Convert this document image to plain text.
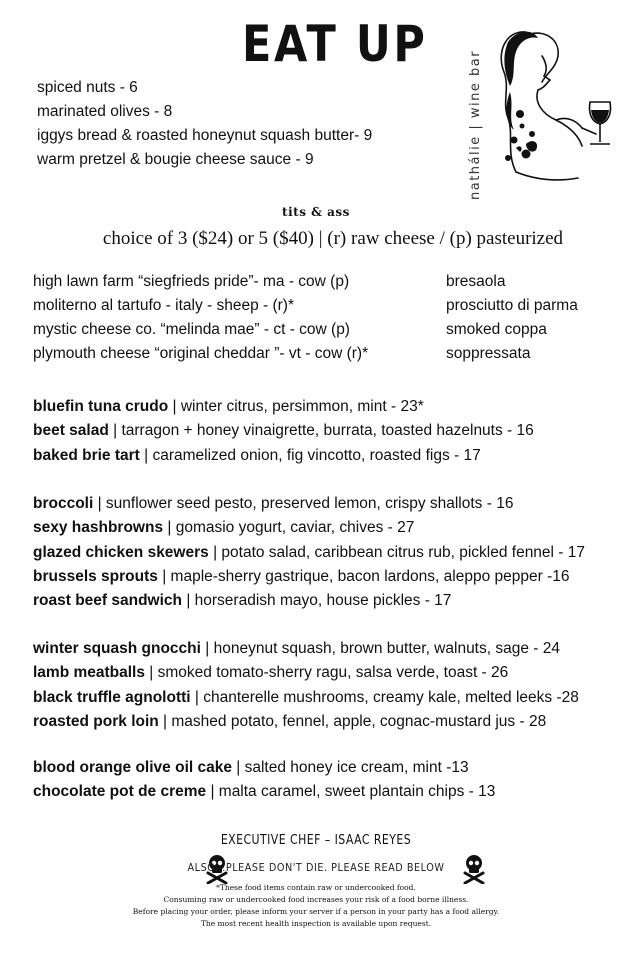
EAT UP
spiced nuts - 6
marinated olives - 8
iggys bread & roasted honeynut squash butter- 9
warm pretzel & bougie cheese sauce - 9	nathálie | wine bar
tits & ass
choice of 3 ($24) or 5 ($40) | (r) raw cheese / (p) pasteurized
high lawn farm “siegfrieds pride”- ma - cow (p)
moliterno al tartufo - italy - sheep - (r)*
mystic cheese co. “melinda mae” - ct - cow (p)
plymouth cheese “original cheddar ”- vt - cow (r)*
bresaola
prosciutto di parma
smoked coppa
soppressata
bluefin tuna crudo | winter citrus, persimmon, mint - 23*
beet salad | tarragon + honey vinaigrette, burrata, toasted hazelnuts - 16
baked brie tart | caramelized onion, fig vincotto, roasted figs - 17
broccoli | sunflower seed pesto, preserved lemon, crispy shallots - 16
sexy hashbrowns | gomasio yogurt, caviar, chives - 27
glazed chicken skewers | potato salad, caribbean citrus rub, pickled fennel - 17
brussels sprouts | maple-sherry gastrique, bacon lardons, aleppo pepper -16
roast beef sandwich | horseradish mayo, house pickles - 17
winter squash gnocchi | honeynut squash, brown butter, walnuts, sage - 24
lamb meatballs | smoked tomato-sherry ragu, salsa verde, toast - 26
black truffle agnolotti | chanterelle mushrooms, creamy kale, melted leeks -28
roasted pork loin | mashed potato, fennel, apple, cognac-mustard jus - 28
blood orange olive oil cake | salted honey ice cream, mint -13
chocolate pot de creme | malta caramel, sweet plantain chips - 13
EXECUTIVE CHEF – ISAAC REYES
ALSO...PLEASE DON'T DIE. PLEASE READ BELOW
*These food items contain raw or undercooked food.
Consuming raw or undercooked food increases your risk of a food borne illness.
Before placing your order, please inform your server if a person in your party has a food allergy.
The most recent health inspection is available upon request.
